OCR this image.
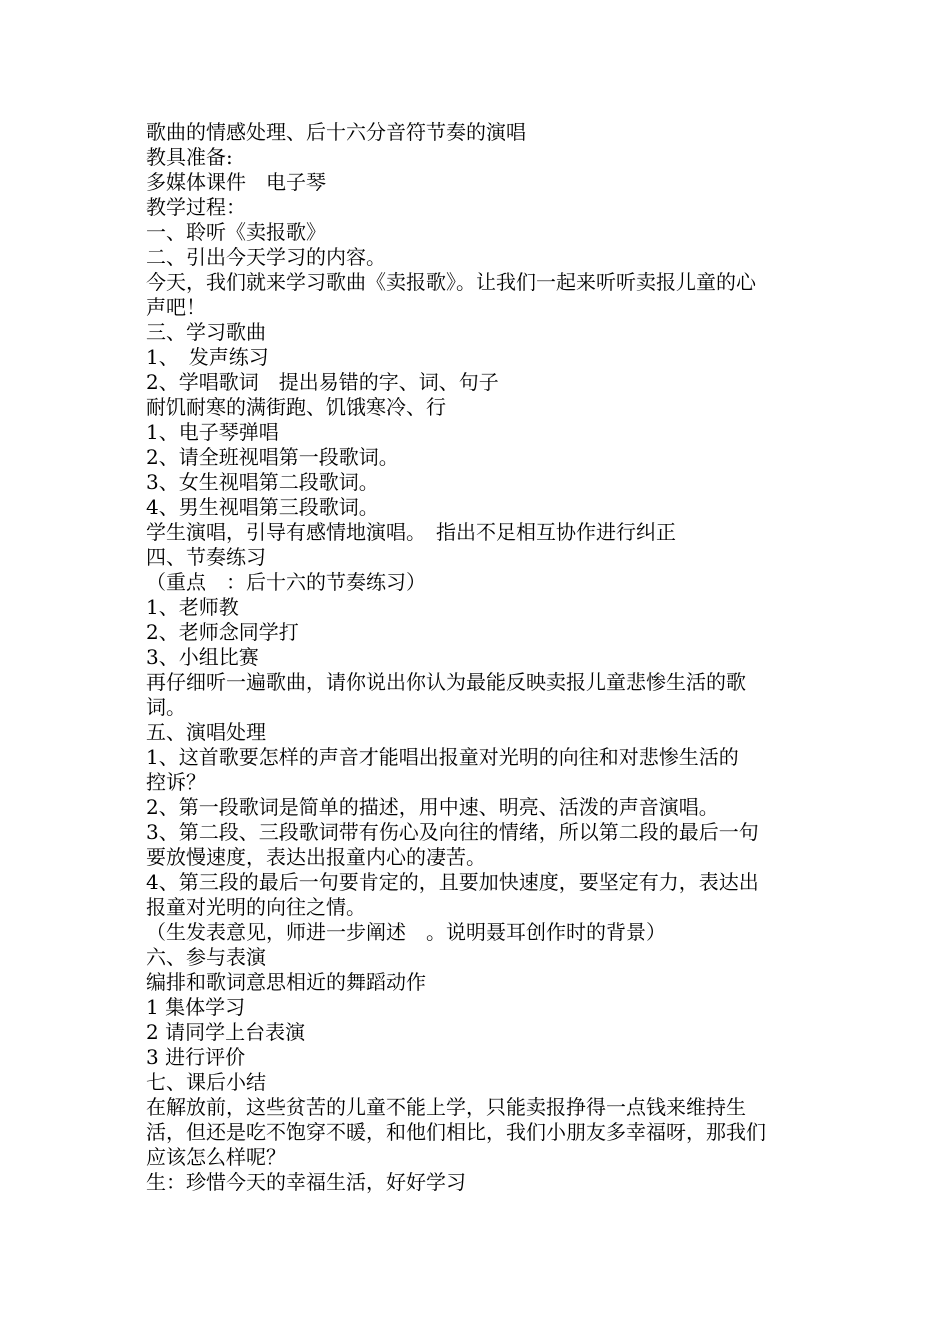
歌曲的情感处理、后十六分音符节奏的演唱

教具准备:

多媒体课件　电子琴

教学过程：

一、聆听《卖报歌》

二、引出今天学习的内容。

今天，我们就来学习歌曲《卖报歌》。让我们一起来听听卖报儿童的心

声吧！

三、学习歌曲

1、　发声练习

2、学唱歌词　提出易错的字、词、句子

耐饥耐寒的满街跑、饥饿寒冷、行

1、电子琴弹唱

2、请全班视唱第一段歌词。

3、女生视唱第二段歌词。

4、男生视唱第三段歌词。

学生演唱，引导有感情地演唱。　指出不足相互协作进行纠正

四、节奏练习

（重点　：后十六的节奏练习）

1、老师教

2、老师念同学打

3、小组比赛

再仔细听一遍歌曲，请你说出你认为最能反映卖报儿童悲惨生活的歌

词。

五、演唱处理

1、这首歌要怎样的声音才能唱出报童对光明的向往和对悲惨生活的

控诉？

2、第一段歌词是简单的描述，用中速、明亮、活泼的声音演唱。

3、第二段、三段歌词带有伤心及向往的情绪，所以第二段的最后一句

要放慢速度，表达出报童内心的凄苦。

4、第三段的最后一句要肯定的，且要加快速度，要坚定有力，表达出

报童对光明的向往之情。

（生发表意见，师进一步阐述　。说明聂耳创作时的背景）

六、参与表演

编排和歌词意思相近的舞蹈动作

1 集体学习

2 请同学上台表演

3 进行评价

七、课后小结

在解放前，这些贫苦的儿童不能上学，只能卖报挣得一点钱来维持生

活，但还是吃不饱穿不暖，和他们相比，我们小朋友多幸福呀，那我们

应该怎么样呢？

生：珍惜今天的幸福生活，好好学习
